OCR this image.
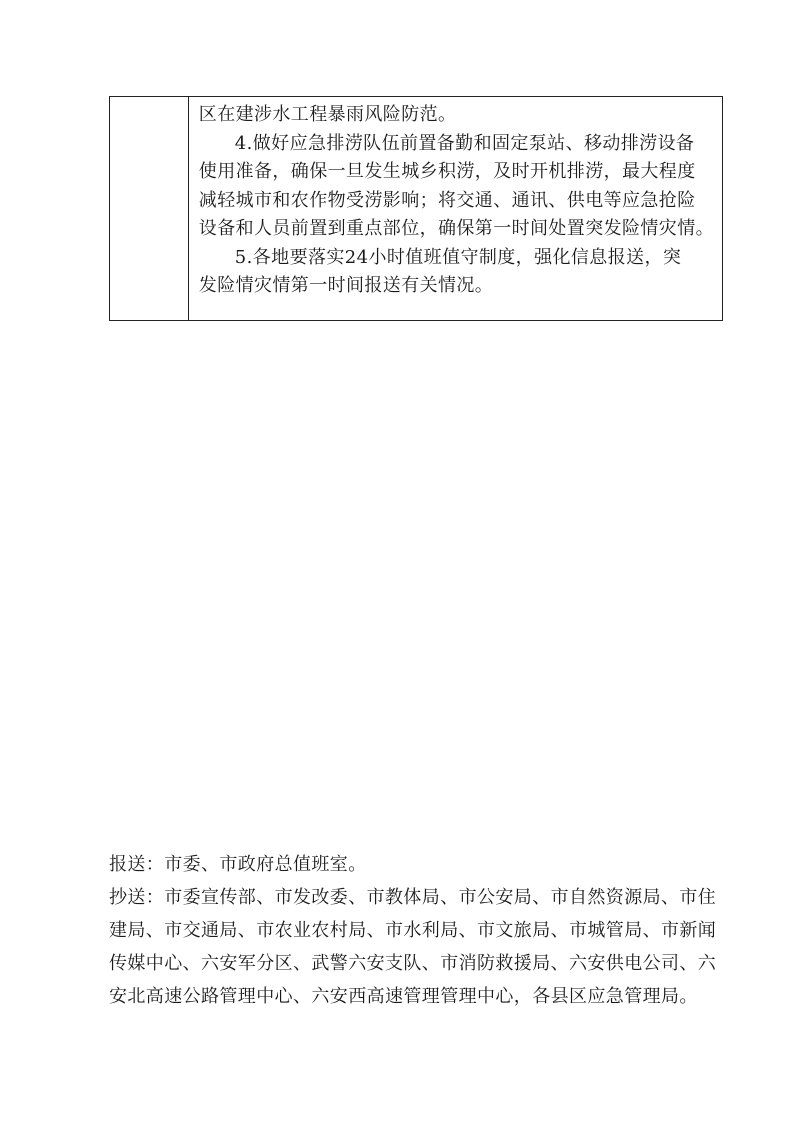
区在建涉水工程暴雨风险防范。
4.做好应急排涝队伍前置备勤和固定泵站、移动排涝设备
使用准备，确保一旦发生城乡积涝，及时开机排涝，最大程度
减轻城市和农作物受涝影响；将交通、通讯、供电等应急抢险
设备和人员前置到重点部位，确保第一时间处置突发险情灾情。
5.各地要落实24小时值班值守制度，强化信息报送，突
发险情灾情第一时间报送有关情况。
报送：市委、市政府总值班室。
抄送：市委宣传部、市发改委、市教体局、市公安局、市自然资源局、市住
建局、市交通局、市农业农村局、市水利局、市文旅局、市城管局、市新闻
传媒中心、六安军分区、武警六安支队、市消防救援局、六安供电公司、六
安北高速公路管理中心、六安西高速管理管理中心，各县区应急管理局。
